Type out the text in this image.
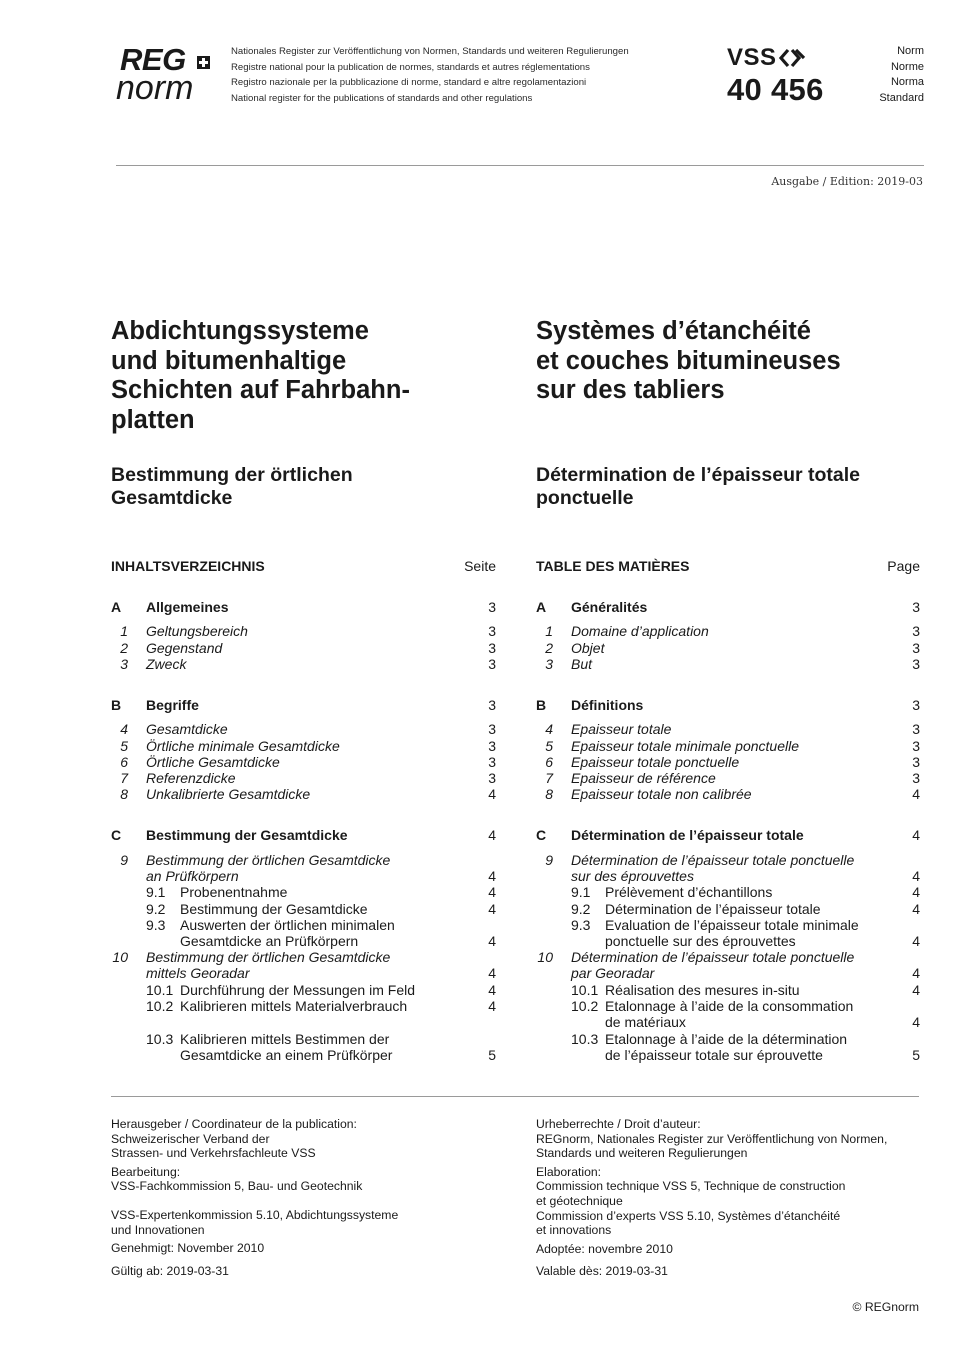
REG
norm
Nationales Register zur Veröffentlichung von Normen, Standards und weiteren Regulierungen
Registre national pour la publication de normes, standards et autres réglementations
Registro nazionale per la pubblicazione di norme, standard e altre regolamentazioni
National register for the publications of standards and other regulations
VSS
40 456
Norm
Norme
Norma
Standard
Ausgabe / Edition: 2019-03
Abdichtungssysteme
und bitumenhaltige
Schichten auf Fahrbahn-
platten
Bestimmung der örtlichen
Gesamtdicke
INHALTSVERZEICHNIS	Seite
A Allgemeines	3
1 Geltungsbereich	3
2 Gegenstand	3
3 Zweck	3
B Begriffe	3
4 Gesamtdicke	3
5 Örtliche minimale Gesamtdicke	3
6 Örtliche Gesamtdicke	3
7 Referenzdicke	3
8 Unkalibrierte Gesamtdicke	4
C Bestimmung der Gesamtdicke	4
9 Bestimmung der örtlichen Gesamtdicke
an Prüfkörpern	4
9.1 Probenentnahme	4
9.2 Bestimmung der Gesamtdicke	4
9.3 Auswerten der örtlichen minimalen
Gesamtdicke an Prüfkörpern	4
10 Bestimmung der örtlichen Gesamtdicke
mittels Georadar	4
10.1 Durchführung der Messungen im Feld	4
10.2 Kalibrieren mittels Materialverbrauch	4
10.3 Kalibrieren mittels Bestimmen der
Gesamtdicke an einem Prüfkörper	5
Systèmes d’étanchéité
et couches bitumineuses
sur des tabliers
Détermination de l’épaisseur totale
ponctuelle
TABLE DES MATIÈRES	Page
A Généralités	3
1 Domaine d’application	3
2 Objet	3
3 But	3
B Définitions	3
4 Epaisseur totale	3
5 Epaisseur totale minimale ponctuelle	3
6 Epaisseur totale ponctuelle	3
7 Epaisseur de référence	3
8 Epaisseur totale non calibrée	4
C Détermination de l’épaisseur totale	4
9 Détermination de l’épaisseur totale ponctuelle
sur des éprouvettes	4
9.1 Prélèvement d’échantillons	4
9.2 Détermination de l’épaisseur totale	4
9.3 Evaluation de l’épaisseur totale minimale
ponctuelle sur des éprouvettes	4
10 Détermination de l’épaisseur totale ponctuelle
par Georadar	4
10.1 Réalisation des mesures in-situ	4
10.2 Etalonnage à l’aide de la consommation
de matériaux	4
10.3 Etalonnage à l’aide de la détermination
de l’épaisseur totale sur éprouvette	5
Herausgeber / Coordinateur de la publication:
Schweizerischer Verband der
Strassen- und Verkehrsfachleute VSS
Bearbeitung:
VSS-Fachkommission 5, Bau- und Geotechnik
VSS-Expertenkommission 5.10, Abdichtungssysteme
und Innovationen
Genehmigt: November 2010
Gültig ab: 2019-03-31
Urheberrechte / Droit d’auteur:
REGnorm, Nationales Register zur Veröffentlichung von Normen,
Standards und weiteren Regulierungen
Elaboration:
Commission technique VSS 5, Technique de construction
et géotechnique
Commission d’experts VSS 5.10, Systèmes d’étanchéité
et innovations
Adoptée: novembre 2010
Valable dès: 2019-03-31
© REGnorm
